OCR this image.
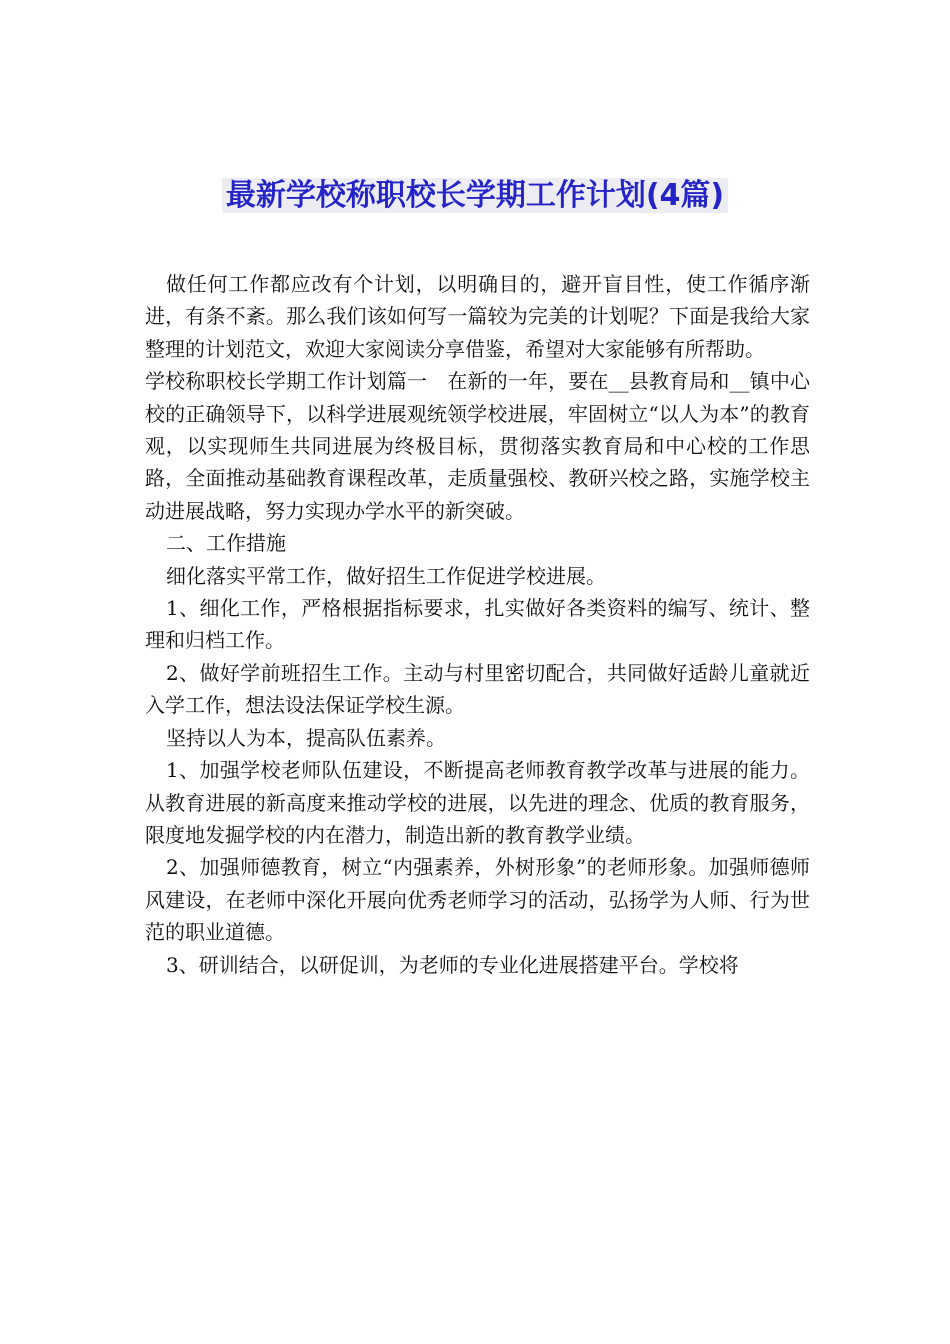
最新学校称职校长学期工作计划(4篇)

做任何工作都应改有个计划，以明确目的，避开盲目性，使工作循序渐进，有条不紊。那么我们该如何写一篇较为完美的计划呢？下面是我给大家整理的计划范文，欢迎大家阅读分享借鉴，希望对大家能够有所帮助。

学校称职校长学期工作计划篇一　在新的一年，要在__县教育局和__镇中心校的正确领导下，以科学进展观统领学校进展，牢固树立“以人为本”的教育观，以实现师生共同进展为终极目标，贯彻落实教育局和中心校的工作思路，全面推动基础教育课程改革，走质量强校、教研兴校之路，实施学校主动进展战略，努力实现办学水平的新突破。

二、工作措施

细化落实平常工作，做好招生工作促进学校进展。

1、细化工作，严格根据指标要求，扎实做好各类资料的编写、统计、整理和归档工作。

2、做好学前班招生工作。主动与村里密切配合，共同做好适龄儿童就近入学工作，想法设法保证学校生源。

坚持以人为本，提高队伍素养。

1、加强学校老师队伍建设，不断提高老师教育教学改革与进展的能力。从教育进展的新高度来推动学校的进展，以先进的理念、优质的教育服务，限度地发掘学校的内在潜力，制造出新的教育教学业绩。

2、加强师德教育，树立“内强素养，外树形象”的老师形象。加强师德师风建设，在老师中深化开展向优秀老师学习的活动，弘扬学为人师、行为世范的职业道德。

3、研训结合，以研促训，为老师的专业化进展搭建平台。学校将
